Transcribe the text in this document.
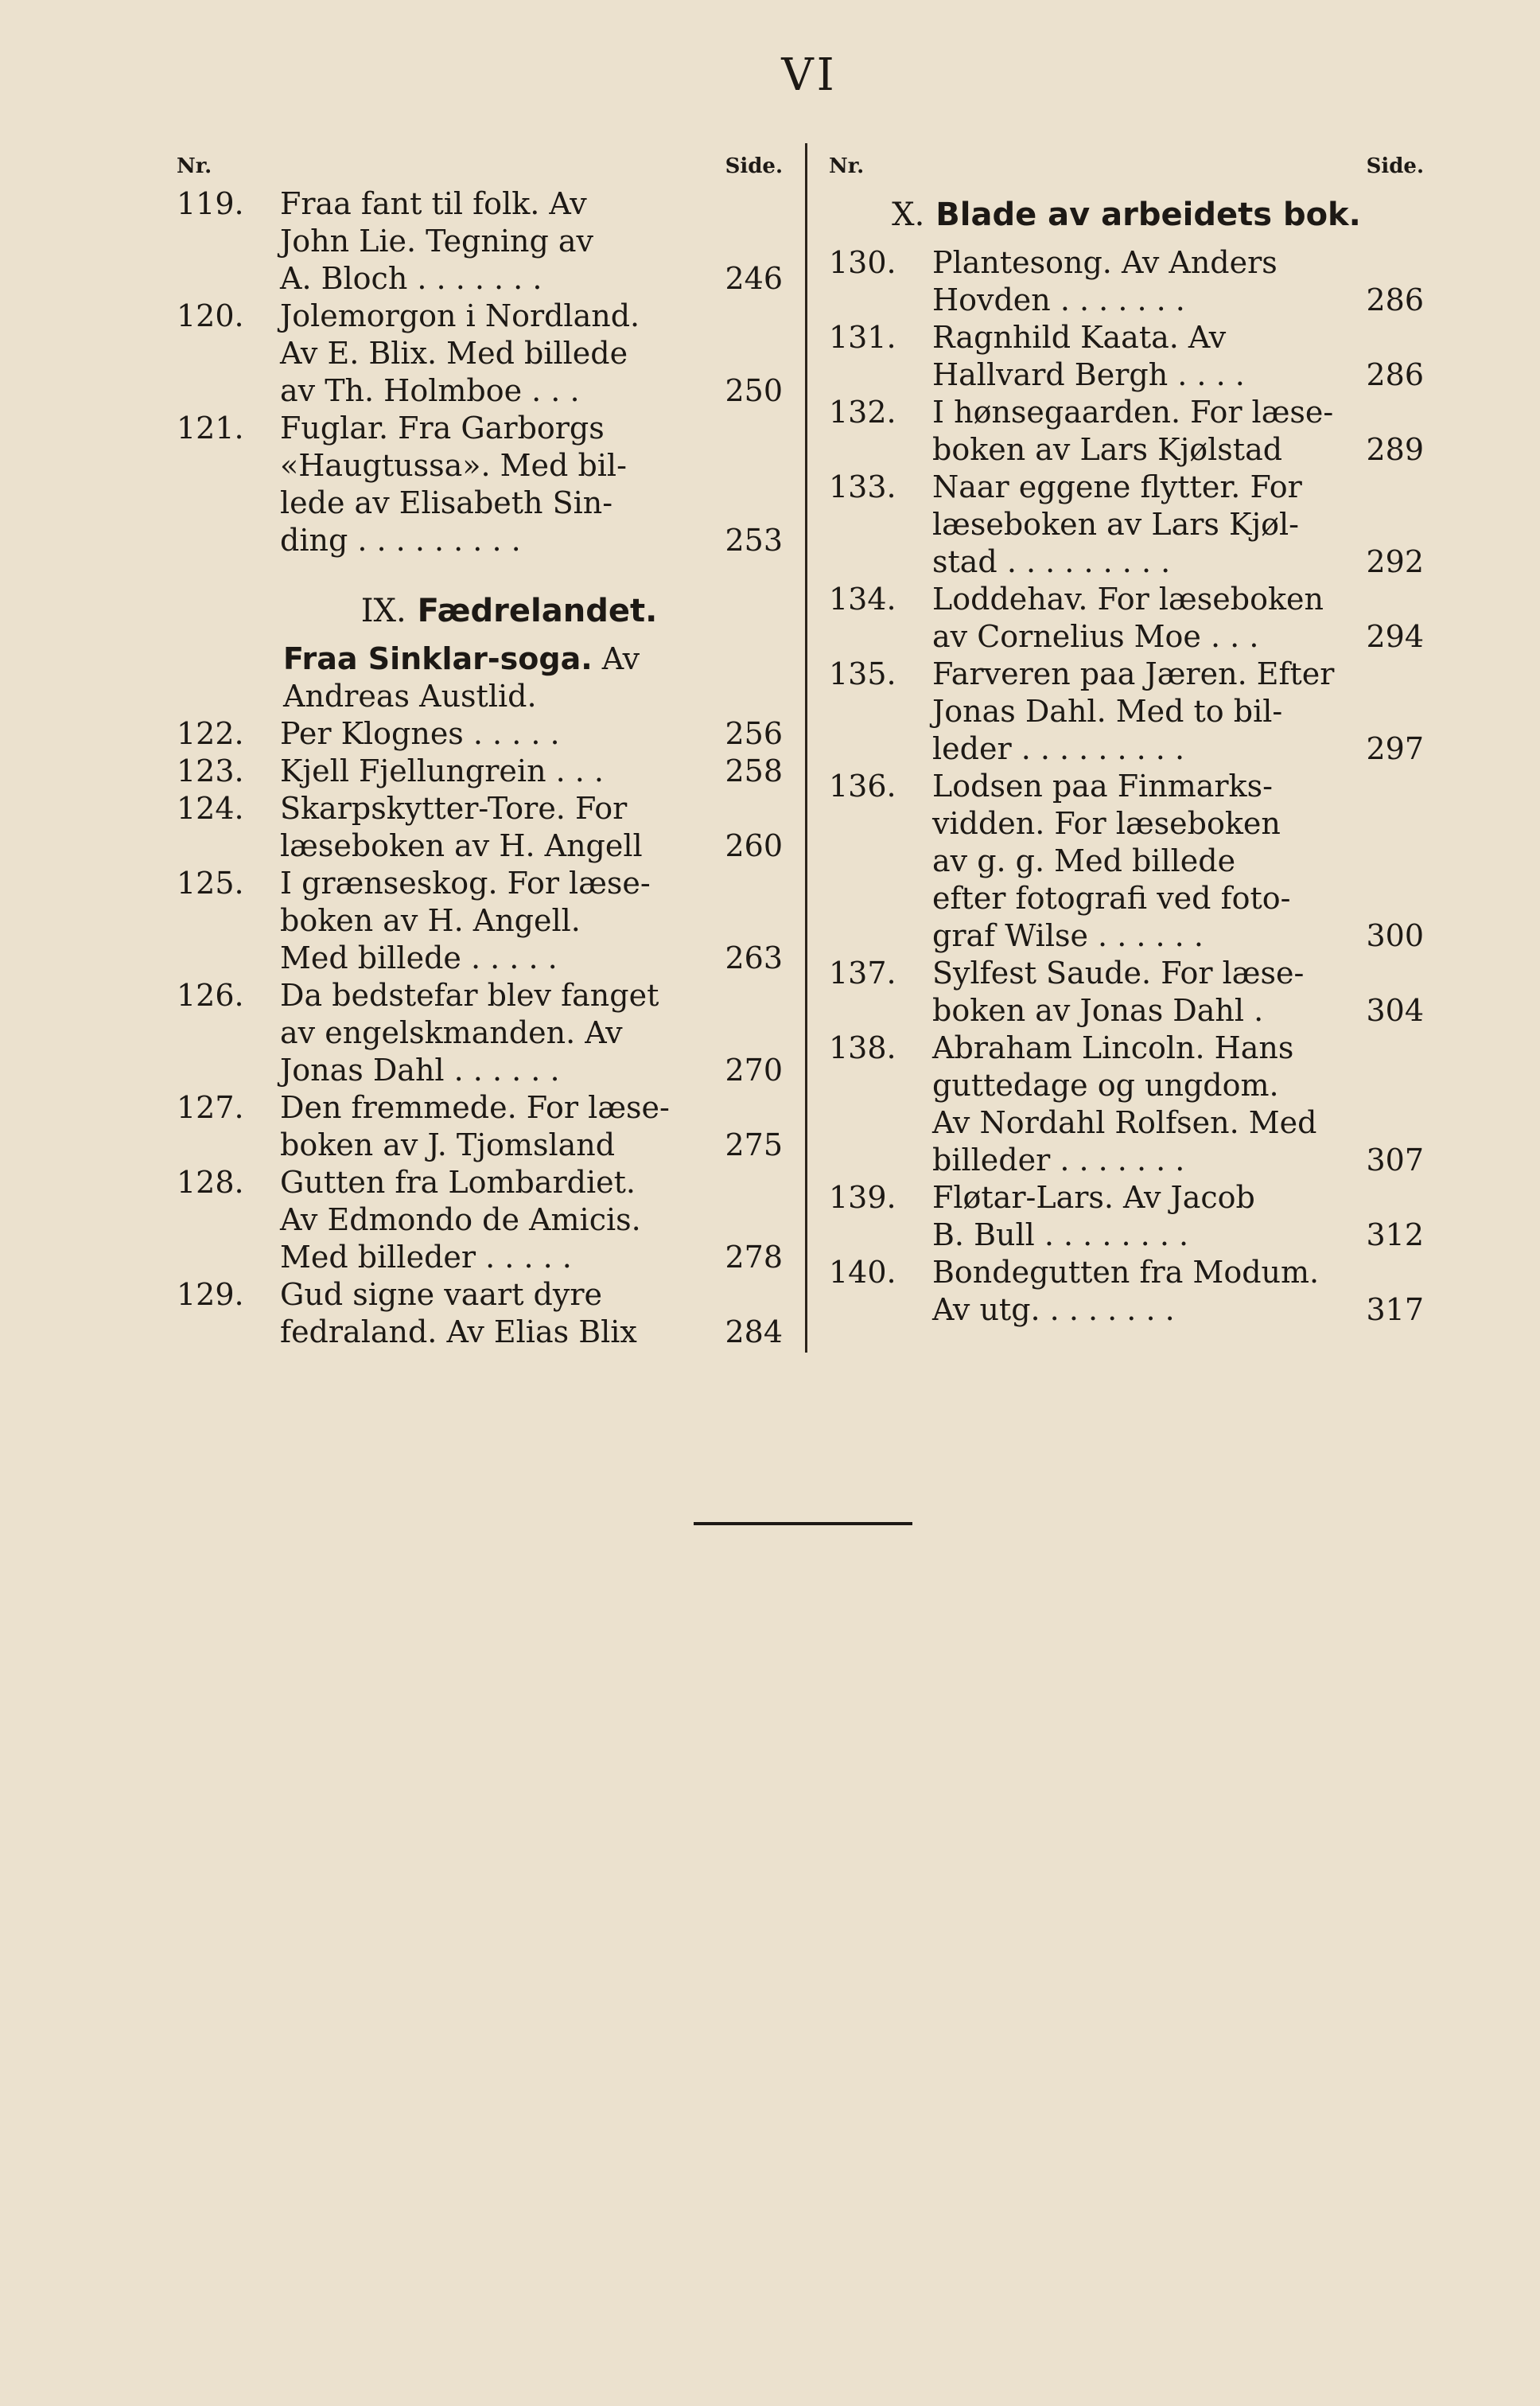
VI
Nr.	Side.
119.	Fraa fant til folk. Av
John Lie. Tegning av
A. Bloch . . . . . . .	246
120.	Jolemorgon i Nordland.
Av E. Blix. Med billede
av Th. Holmboe . . .	250
121.	Fuglar. Fra Garborgs
«Haugtussa». Med bil-
lede av Elisabeth Sin-
ding . . . . . . . . .	253
IX. Fædrelandet.
Fraa Sinklar-soga. Av
Andreas Austlid.
122.	Per Klognes . . . . .	256
123.	Kjell Fjellungrein . . .	258
124.	Skarpskytter-Tore. For
læseboken av H. Angell	260
125.	I grænseskog. For læse-
boken av H. Angell.
Med billede . . . . .	263
126.	Da bedstefar blev fanget
av engelskmanden. Av
Jonas Dahl . . . . . .	270
127.	Den fremmede. For læse-
boken av J. Tjomsland	275
128.	Gutten fra Lombardiet.
Av Edmondo de Amicis.
Med billeder . . . . .	278
129.	Gud signe vaart dyre
fedraland. Av Elias Blix	284
Nr.	Side.
X. Blade av arbeidets bok.
130.	Plantesong. Av Anders
Hovden . . . . . . .	286
131.	Ragnhild Kaata. Av
Hallvard Bergh . . . .	286
132.	I hønsegaarden. For læse-
boken av Lars Kjølstad	289
133.	Naar eggene flytter. For
læseboken av Lars Kjøl-
stad . . . . . . . . .	292
134.	Loddehav. For læseboken
av Cornelius Moe . . .	294
135.	Farveren paa Jæren. Efter
Jonas Dahl. Med to bil-
leder . . . . . . . . .	297
136.	Lodsen paa Finmarks-
vidden. For læseboken
av g. g. Med billede
efter fotografi ved foto-
graf Wilse . . . . . .	300
137.	Sylfest Saude. For læse-
boken av Jonas Dahl .	304
138.	Abraham Lincoln. Hans
guttedage og ungdom.
Av Nordahl Rolfsen. Med
billeder . . . . . . .	307
139.	Fløtar-Lars. Av Jacob
B. Bull . . . . . . . .	312
140.	Bondegutten fra Modum.
Av utg. . . . . . . .	317
